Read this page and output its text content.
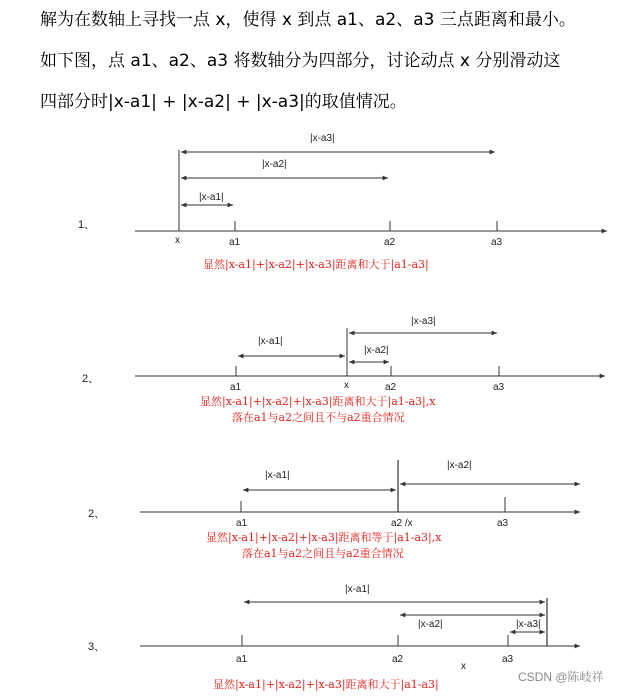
解为在数轴上寻找一点 x，使得 x 到点 a1、a2、a3 三点距离和最小。
如下图，点 a1、a2、a3 将数轴分为四部分，讨论动点 x 分别滑动这
四部分时|x-a1| + |x-a2| + |x-a3|的取值情况。
1、
|x-a3|
|x-a2|
|x-a1|
x	a1	a2	a3
显然|x-a1|+|x-a2|+|x-a3|距离和大于|a1-a3|
2、
|x-a1|
|x-a3|
|x-a2|
a1	x	a2	a3
显然|x-a1|+|x-a2|+|x-a3|距离和大于|a1-a3|,x
落在a1与a2之间且不与a2重合情况
2、
|x-a1|
|x-a2|
a1	a2 /x	a3
显然|x-a1|+|x-a2|+|x-a3|距离和等于|a1-a3|,x
落在a1与a2之间且与a2重合情况
3、
|x-a1|
|x-a2|	|x-a3|
a1	a2	a3
x
显然|x-a1|+|x-a2|+|x-a3|距离和大于|a1-a3|
CSDN @陈岐祥
